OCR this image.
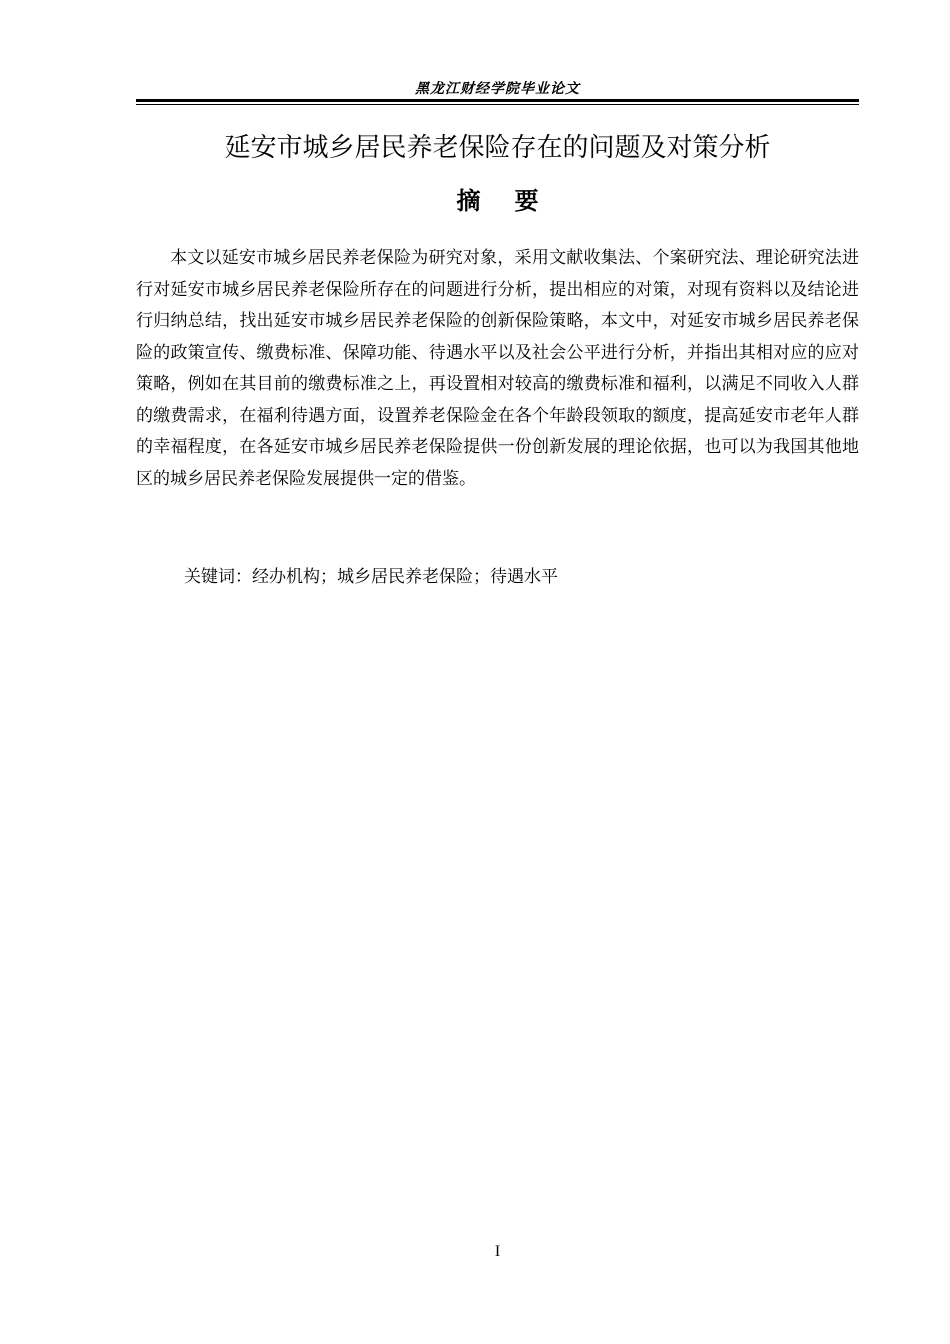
黑龙江财经学院毕业论文
延安市城乡居民养老保险存在的问题及对策分析
摘要

本文以延安市城乡居民养老保险为研究对象，采用文献收集法、个案研究法、理论研究法进行对延安市城乡居民养老保险所存在的问题进行分析，提出相应的对策，对现有资料以及结论进行归纳总结，找出延安市城乡居民养老保险的创新保险策略，本文中，对延安市城乡居民养老保险的政策宣传、缴费标准、保障功能、待遇水平以及社会公平进行分析，并指出其相对应的应对策略，例如在其目前的缴费标准之上，再设置相对较高的缴费标准和福利，以满足不同收入人群的缴费需求，在福利待遇方面，设置养老保险金在各个年龄段领取的额度，提高延安市老年人群的幸福程度，在各延安市城乡居民养老保险提供一份创新发展的理论依据，也可以为我国其他地区的城乡居民养老保险发展提供一定的借鉴。

关键词：经办机构；城乡居民养老保险；待遇水平
I
